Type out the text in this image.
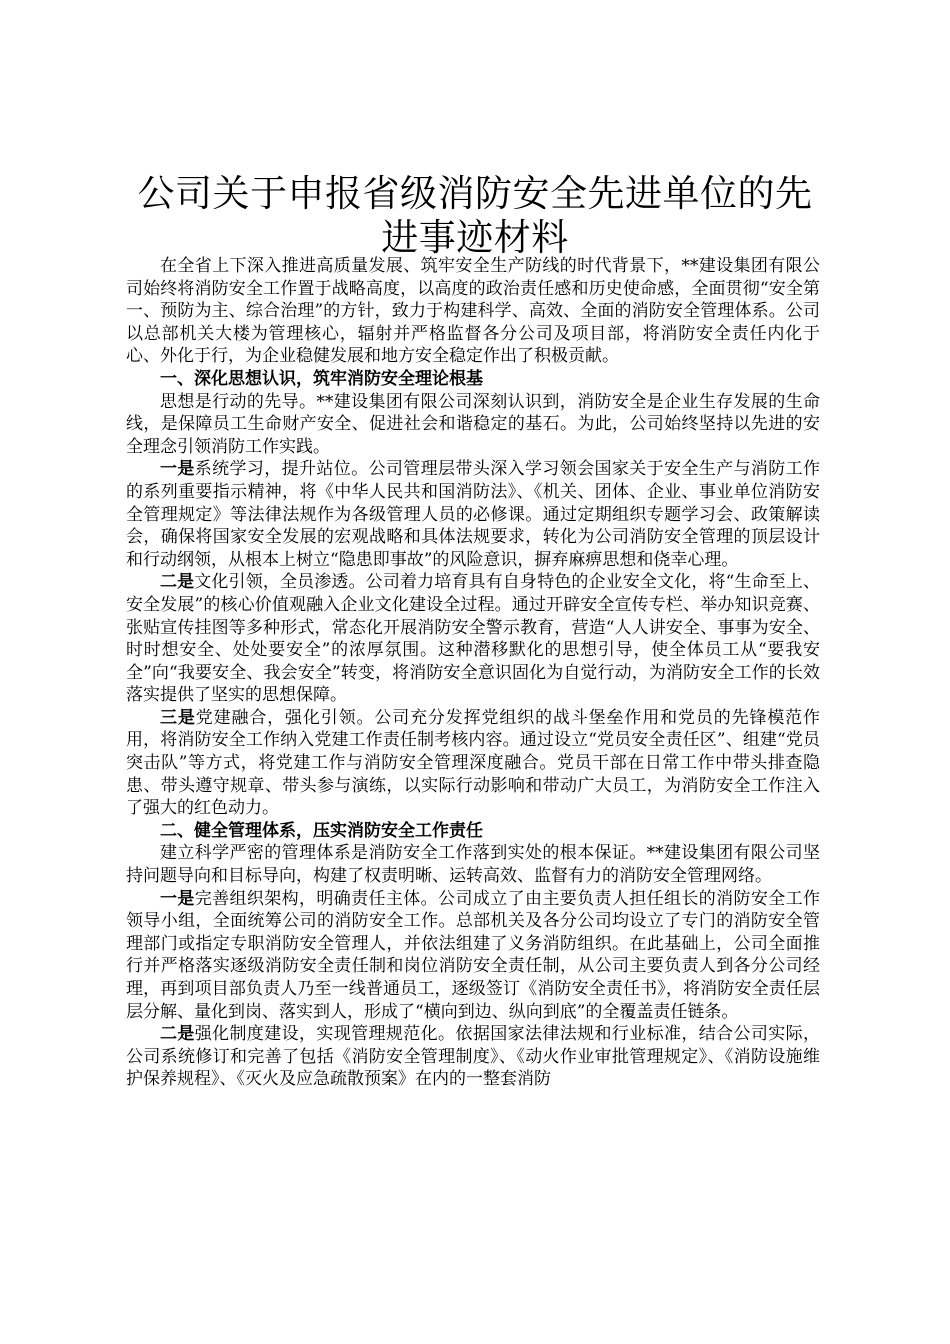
公司关于申报省级消防安全先进单位的先进事迹材料

在全省上下深入推进高质量发展、筑牢安全生产防线的时代背景下，**建设集团有限公司始终将消防安全工作置于战略高度，以高度的政治责任感和历史使命感，全面贯彻“安全第一、预防为主、综合治理”的方针，致力于构建科学、高效、全面的消防安全管理体系。公司以总部机关大楼为管理核心，辐射并严格监督各分公司及项目部，将消防安全责任内化于心、外化于行，为企业稳健发展和地方安全稳定作出了积极贡献。

一、深化思想认识，筑牢消防安全理论根基

思想是行动的先导。**建设集团有限公司深刻认识到，消防安全是企业生存发展的生命线，是保障员工生命财产安全、促进社会和谐稳定的基石。为此，公司始终坚持以先进的安全理念引领消防工作实践。

一是系统学习，提升站位。公司管理层带头深入学习领会国家关于安全生产与消防工作的系列重要指示精神，将《中华人民共和国消防法》、《机关、团体、企业、事业单位消防安全管理规定》等法律法规作为各级管理人员的必修课。通过定期组织专题学习会、政策解读会，确保将国家安全发展的宏观战略和具体法规要求，转化为公司消防安全管理的顶层设计和行动纲领，从根本上树立“隐患即事故”的风险意识，摒弃麻痹思想和侥幸心理。

二是文化引领，全员渗透。公司着力培育具有自身特色的企业安全文化，将“生命至上、安全发展”的核心价值观融入企业文化建设全过程。通过开辟安全宣传专栏、举办知识竞赛、张贴宣传挂图等多种形式，常态化开展消防安全警示教育，营造“人人讲安全、事事为安全、时时想安全、处处要安全”的浓厚氛围。这种潜移默化的思想引导，使全体员工从“要我安全”向“我要安全、我会安全”转变，将消防安全意识固化为自觉行动，为消防安全工作的长效落实提供了坚实的思想保障。

三是党建融合，强化引领。公司充分发挥党组织的战斗堡垒作用和党员的先锋模范作用，将消防安全工作纳入党建工作责任制考核内容。通过设立“党员安全责任区”、组建“党员突击队”等方式，将党建工作与消防安全管理深度融合。党员干部在日常工作中带头排查隐患、带头遵守规章、带头参与演练，以实际行动影响和带动广大员工，为消防安全工作注入了强大的红色动力。

二、健全管理体系，压实消防安全工作责任

建立科学严密的管理体系是消防安全工作落到实处的根本保证。**建设集团有限公司坚持问题导向和目标导向，构建了权责明晰、运转高效、监督有力的消防安全管理网络。

一是完善组织架构，明确责任主体。公司成立了由主要负责人担任组长的消防安全工作领导小组，全面统筹公司的消防安全工作。总部机关及各分公司均设立了专门的消防安全管理部门或指定专职消防安全管理人，并依法组建了义务消防组织。在此基础上，公司全面推行并严格落实逐级消防安全责任制和岗位消防安全责任制，从公司主要负责人到各分公司经理，再到项目部负责人乃至一线普通员工，逐级签订《消防安全责任书》，将消防安全责任层层分解、量化到岗、落实到人，形成了“横向到边、纵向到底”的全覆盖责任链条。

二是强化制度建设，实现管理规范化。依据国家法律法规和行业标准，结合公司实际，公司系统修订和完善了包括《消防安全管理制度》、《动火作业审批管理规定》、《消防设施维护保养规程》、《灭火及应急疏散预案》在内的一整套消防
